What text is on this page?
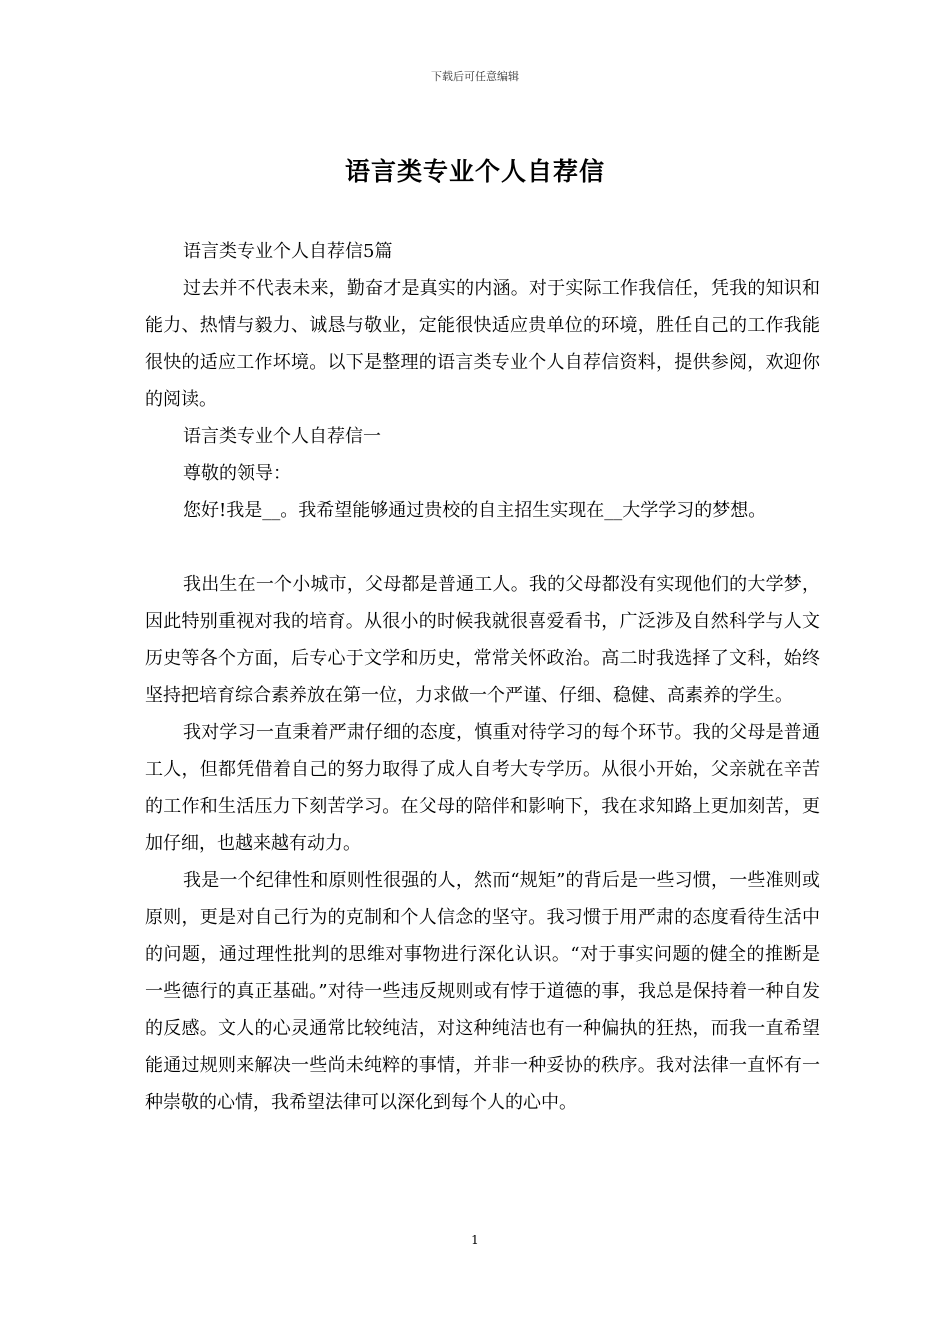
下载后可任意编辑
语言类专业个人自荐信

语言类专业个人自荐信5篇

过去并不代表未来，勤奋才是真实的内涵。对于实际工作我信任，凭我的知识和能力、热情与毅力、诚恳与敬业，定能很快适应贵单位的环境，胜任自己的工作我能很快的适应工作坏境。以下是整理的语言类专业个人自荐信资料，提供参阅，欢迎你的阅读。

语言类专业个人自荐信一

尊敬的领导：

您好!我是__。我希望能够通过贵校的自主招生实现在__大学学习的梦想。

我出生在一个小城市，父母都是普通工人。我的父母都没有实现他们的大学梦，因此特别重视对我的培育。从很小的时候我就很喜爱看书，广泛涉及自然科学与人文历史等各个方面，后专心于文学和历史，常常关怀政治。高二时我选择了文科，始终坚持把培育综合素养放在第一位，力求做一个严谨、仔细、稳健、高素养的学生。

我对学习一直秉着严肃仔细的态度，慎重对待学习的每个环节。我的父母是普通工人，但都凭借着自己的努力取得了成人自考大专学历。从很小开始，父亲就在辛苦的工作和生活压力下刻苦学习。在父母的陪伴和影响下，我在求知路上更加刻苦，更加仔细，也越来越有动力。

我是一个纪律性和原则性很强的人，然而“规矩”的背后是一些习惯，一些准则或原则，更是对自己行为的克制和个人信念的坚守。我习惯于用严肃的态度看待生活中的问题，通过理性批判的思维对事物进行深化认识。“对于事实问题的健全的推断是一些德行的真正基础。”对待一些违反规则或有悖于道德的事，我总是保持着一种自发的反感。文人的心灵通常比较纯洁，对这种纯洁也有一种偏执的狂热，而我一直希望能通过规则来解决一些尚未纯粹的事情，并非一种妥协的秩序。我对法律一直怀有一种崇敬的心情，我希望法律可以深化到每个人的心中。

1
